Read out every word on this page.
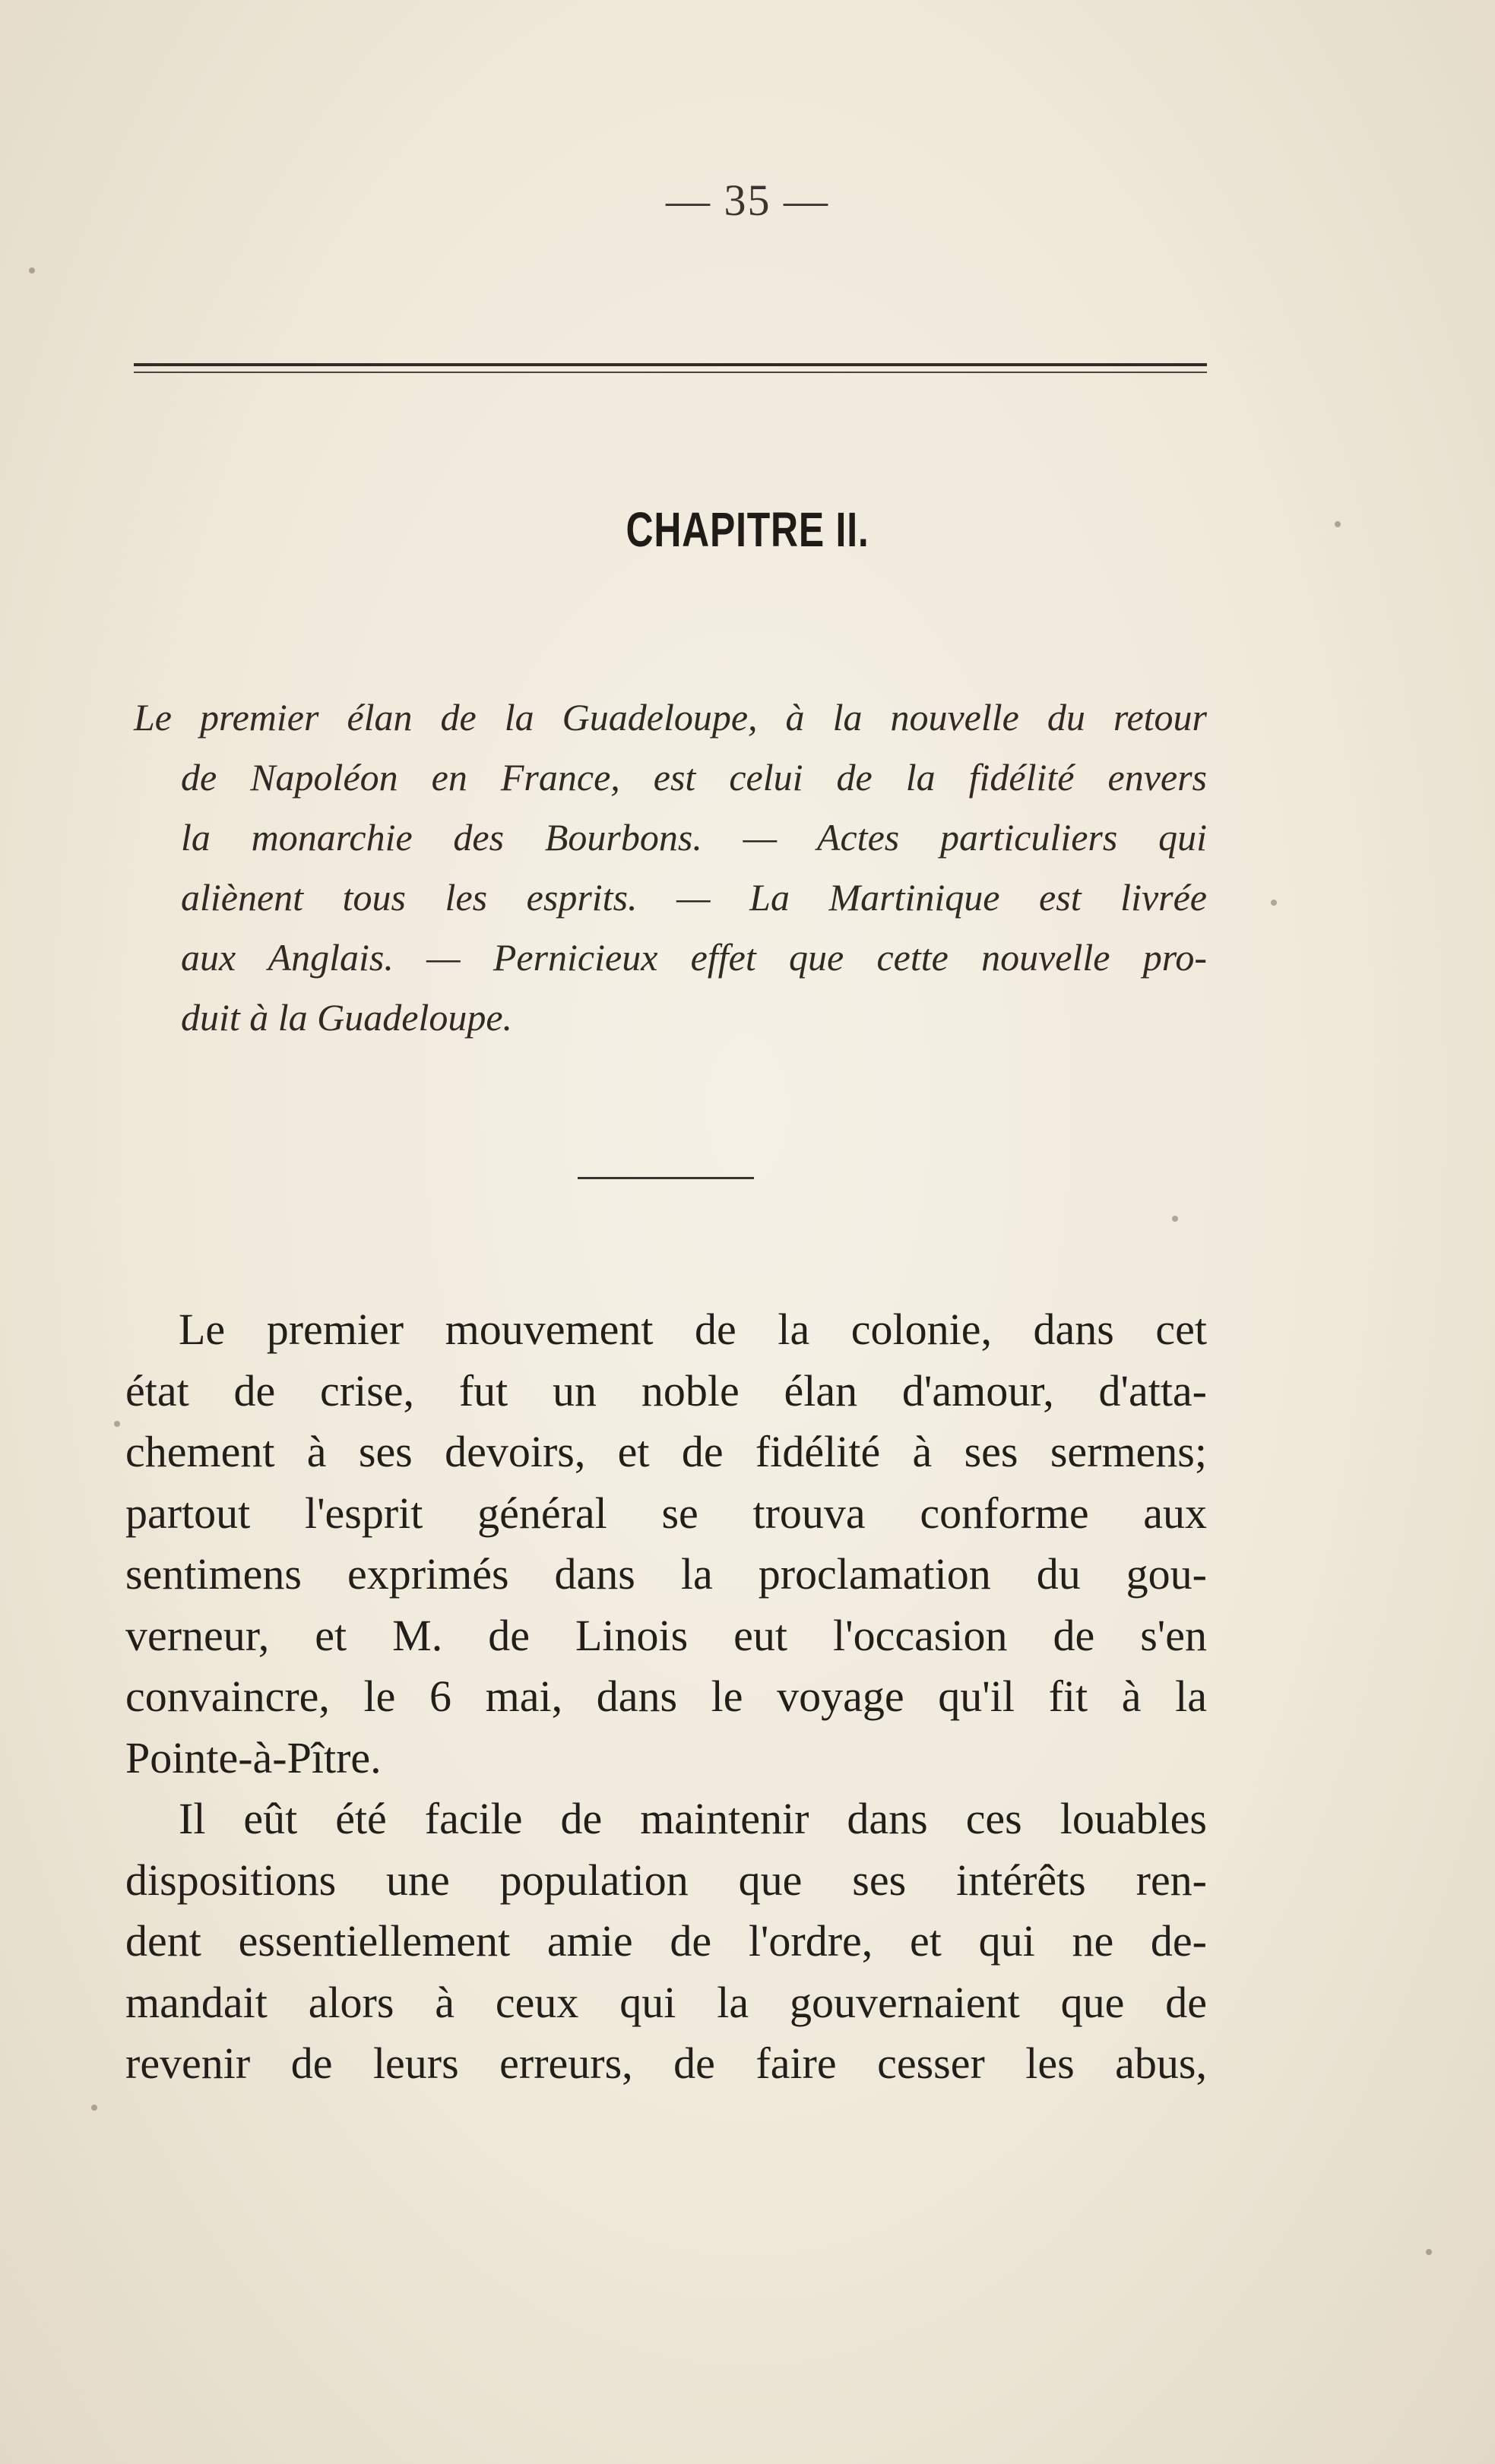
— 35 —
CHAPITRE II.
Le premier élan de la Guadeloupe, à la nouvelle du retour
de Napoléon en France, est celui de la fidélité envers
la monarchie des Bourbons. — Actes particuliers qui
aliènent tous les esprits. — La Martinique est livrée
aux Anglais. — Pernicieux effet que cette nouvelle pro-
duit à la Guadeloupe.
Le premier mouvement de la colonie, dans cet
état de crise, fut un noble élan d'amour, d'atta-
chement à ses devoirs, et de fidélité à ses sermens;
partout l'esprit général se trouva conforme aux
sentimens exprimés dans la proclamation du gou-
verneur, et M. de Linois eut l'occasion de s'en
convaincre, le 6 mai, dans le voyage qu'il fit à la
Pointe-à-Pître.
Il eût été facile de maintenir dans ces louables
dispositions une population que ses intérêts ren-
dent essentiellement amie de l'ordre, et qui ne de-
mandait alors à ceux qui la gouvernaient que de
revenir de leurs erreurs, de faire cesser les abus,
